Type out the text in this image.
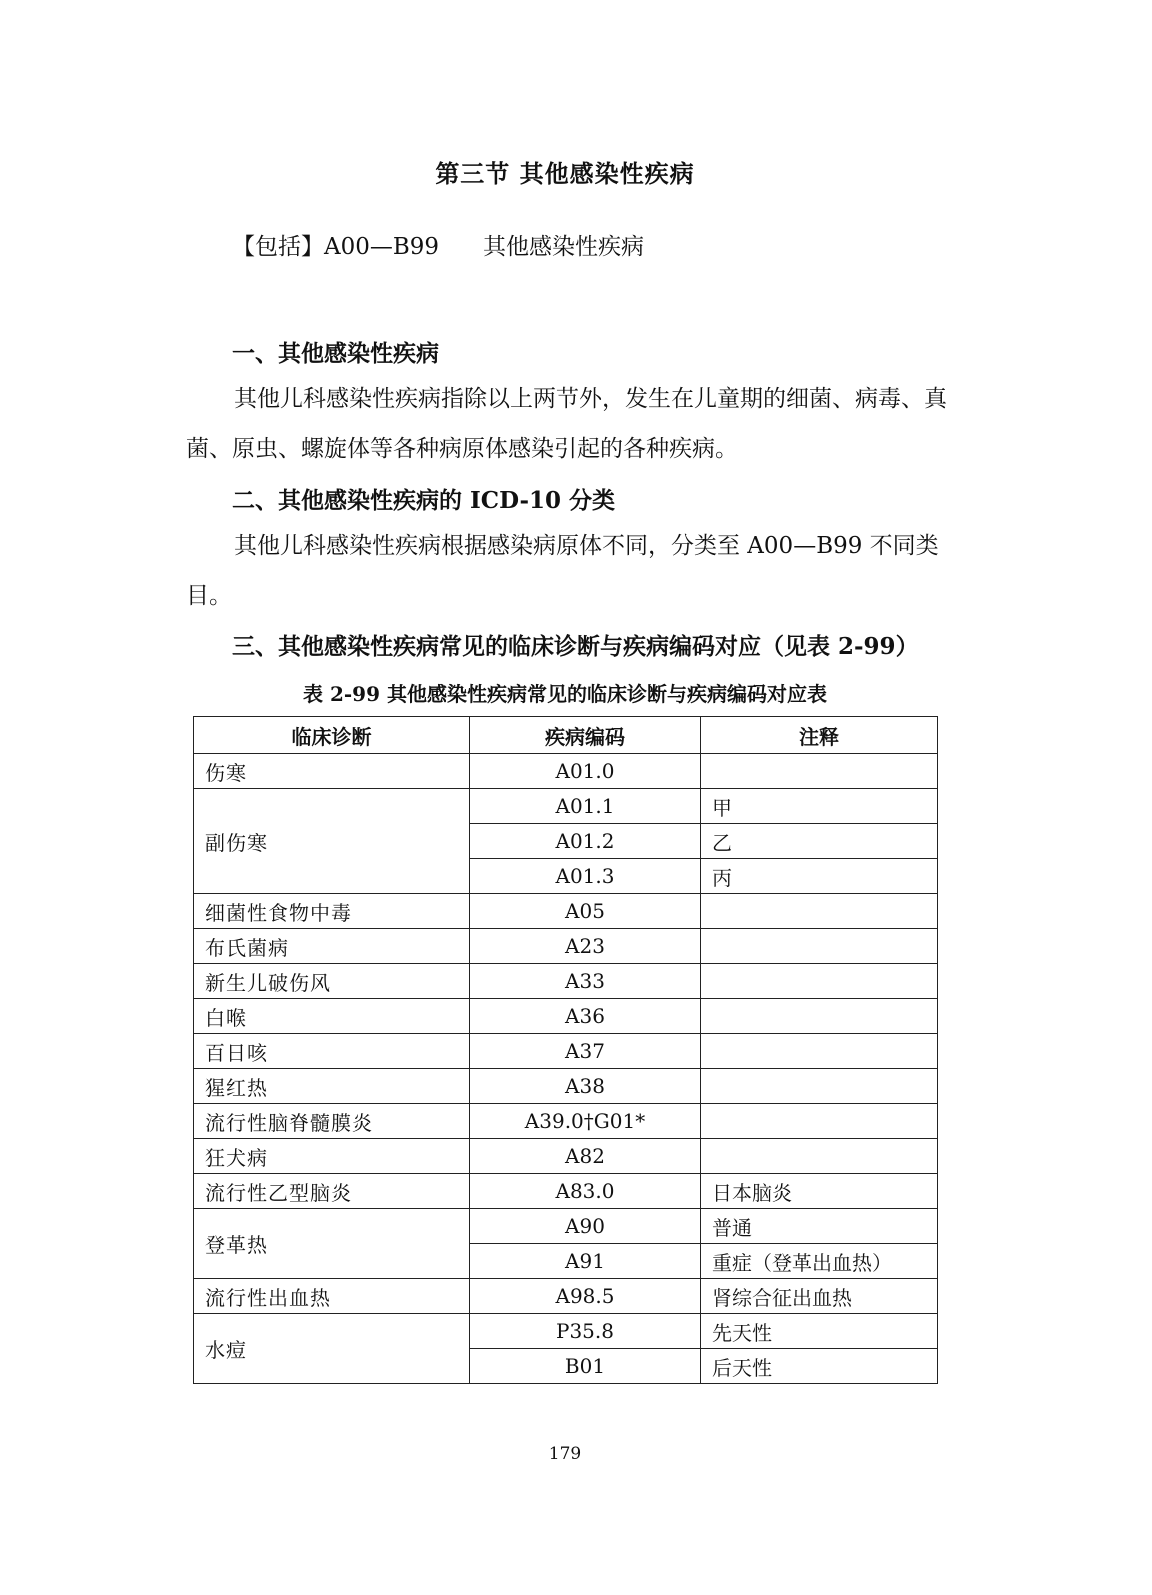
第三节 其他感染性疾病
【包括】A00—B99 其他感染性疾病
一、其他感染性疾病
其他儿科感染性疾病指除以上两节外，发生在儿童期的细菌、病毒、真菌、原虫、螺旋体等各种病原体感染引起的各种疾病。
二、其他感染性疾病的 ICD-10 分类
其他儿科感染性疾病根据感染病原体不同，分类至 A00—B99 不同类目。
三、其他感染性疾病常见的临床诊断与疾病编码对应（见表 2-99）
表 2-99 其他感染性疾病常见的临床诊断与疾病编码对应表
临床诊断	疾病编码	注释
伤寒	A01.0	
副伤寒	A01.1	甲
	A01.2	乙
	A01.3	丙
细菌性食物中毒	A05	
布氏菌病	A23	
新生儿破伤风	A33	
白喉	A36	
百日咳	A37	
猩红热	A38	
流行性脑脊髓膜炎	A39.0†G01*	
狂犬病	A82	
流行性乙型脑炎	A83.0	日本脑炎
登革热	A90	普通
	A91	重症（登革出血热）
流行性出血热	A98.5	肾综合征出血热
水痘	P35.8	先天性
	B01	后天性
179
